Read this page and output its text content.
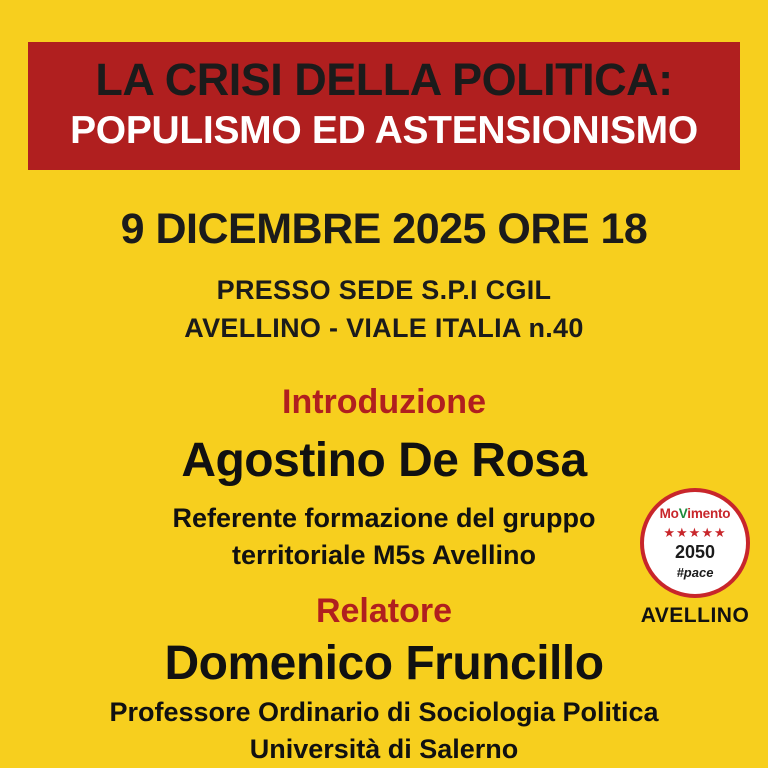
LA CRISI DELLA POLITICA:
POPULISMO ED ASTENSIONISMO
9 DICEMBRE 2025 ORE 18
PRESSO SEDE S.P.I CGIL
AVELLINO - VIALE ITALIA n.40
Introduzione
Agostino De Rosa
Referente formazione del gruppo
territoriale M5s Avellino
Relatore
Domenico Fruncillo
Professore Ordinario di Sociologia Politica
Università di Salerno
MoVimento
★★★★★
2050
#pace
AVELLINO
